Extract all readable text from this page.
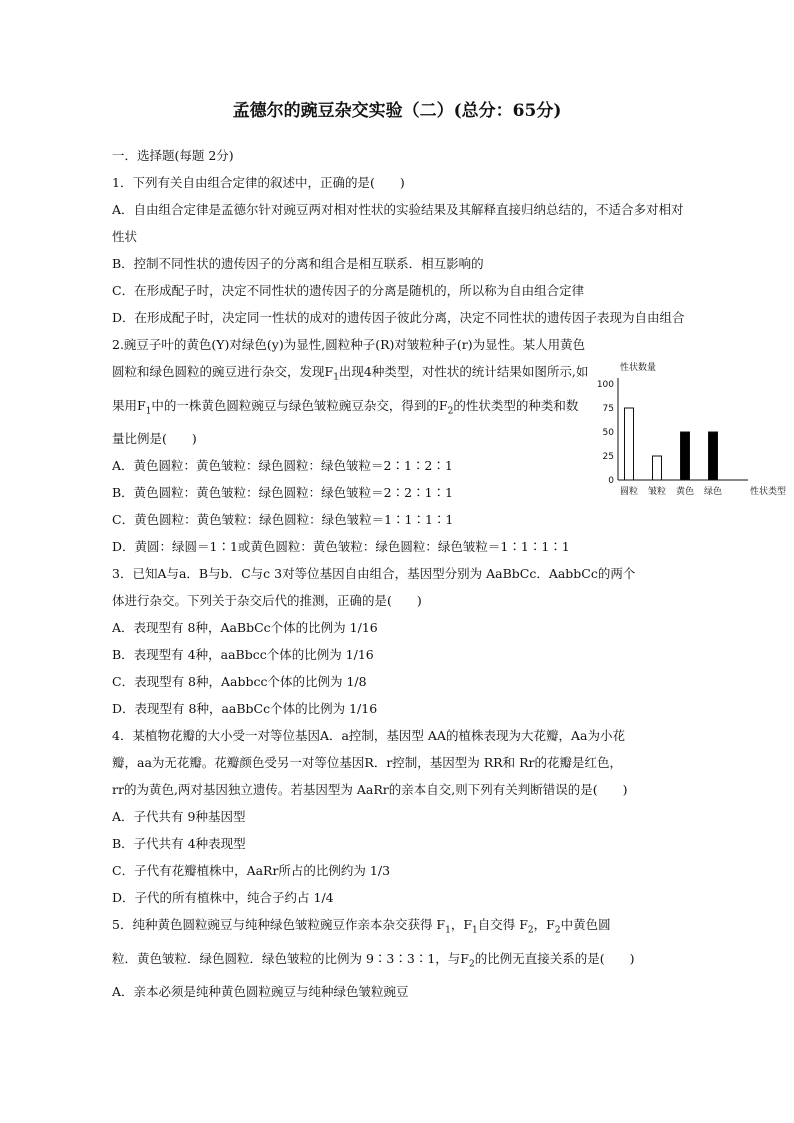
孟德尔的豌豆杂交实验（二）(总分：65分)
一．选择题(每题 2分)
1．下列有关自由组合定律的叙述中，正确的是(　　)
A．自由组合定律是孟德尔针对豌豆两对相对性状的实验结果及其解释直接归纳总结的，不适合多对相对性状
B．控制不同性状的遗传因子的分离和组合是相互联系．相互影响的
C．在形成配子时，决定不同性状的遗传因子的分离是随机的，所以称为自由组合定律
D．在形成配子时，决定同一性状的成对的遗传因子彼此分离，决定不同性状的遗传因子表现为自由组合
2.豌豆子叶的黄色(Y)对绿色(y)为显性,圆粒种子(R)对皱粒种子(r)为显性。某人用黄色圆粒和绿色圆粒的豌豆进行杂交，发现$F_1$出现4种类型，对性状的统计结果如图所示,如果用$F_1$中的一株黄色圆粒豌豆与绿色皱粒豌豆杂交，得到的$F_2$的性状类型的种类和数量比例是(　　)
A．黄色圆粒：黄色皱粒：绿色圆粒：绿色皱粒＝2∶1∶2∶1
B．黄色圆粒：黄色皱粒：绿色圆粒：绿色皱粒＝2∶2∶1∶1
C．黄色圆粒：黄色皱粒：绿色圆粒：绿色皱粒＝1∶1∶1∶1
D．黄圆：绿圆＝1∶1或黄色圆粒：黄色皱粒：绿色圆粒：绿色皱粒＝1∶1∶1∶1
3．已知A与a．B与b．C与c 3对等位基因自由组合，基因型分别为 AaBbCc．AabbCc的两个
体进行杂交。下列关于杂交后代的推测，正确的是(　　)
A．表现型有 8种，AaBbCc个体的比例为 1/16
B．表现型有 4种，aaBbcc个体的比例为 1/16
C．表现型有 8种，Aabbcc个体的比例为 1/8
D．表现型有 8种，aaBbCc个体的比例为 1/16
4．某植物花瓣的大小受一对等位基因A．a控制，基因型 AA的植株表现为大花瓣，Aa为小花
瓣，aa为无花瓣。花瓣颜色受另一对等位基因R．r控制，基因型为 RR和 Rr的花瓣是红色，
rr的为黄色,两对基因独立遗传。若基因型为 AaRr的亲本自交,则下列有关判断错误的是(　　)
A．子代共有 9种基因型
B．子代共有 4种表现型
C．子代有花瓣植株中，AaRr所占的比例约为 1/3
D．子代的所有植株中，纯合子约占 1/4
5．纯种黄色圆粒豌豆与纯种绿色皱粒豌豆作亲本杂交获得 $F_1$，$F_1$自交得 $F_2$，$F_2$中黄色圆
粒．黄色皱粒．绿色圆粒．绿色皱粒的比例为 9∶3∶3∶1，与$F_2$的比例无直接关系的是(　　)
A．亲本必须是纯种黄色圆粒豌豆与纯种绿色皱粒豌豆
性状数量
性状类型
0
25
50
75
100
圆粒 皱粒 黄色 绿色
